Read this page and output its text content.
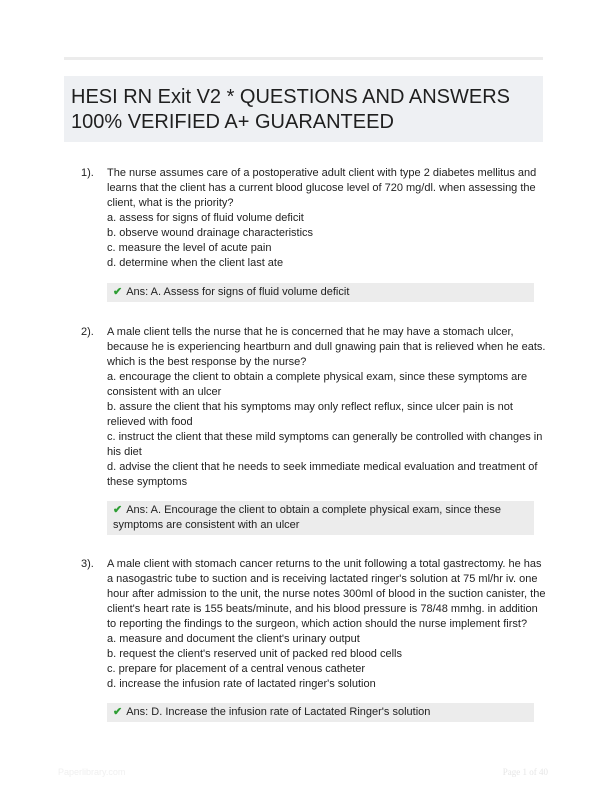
HESI RN Exit V2 * QUESTIONS AND ANSWERS
100% VERIFIED A+ GUARANTEED
1). The nurse assumes care of a postoperative adult client with type 2 diabetes mellitus and
learns that the client has a current blood glucose level of 720 mg/dl. when assessing the
client, what is the priority?
a. assess for signs of fluid volume deficit
b. observe wound drainage characteristics
c. measure the level of acute pain
d. determine when the client last ate
✔ Ans: A. Assess for signs of fluid volume deficit
2). A male client tells the nurse that he is concerned that he may have a stomach ulcer,
because he is experiencing heartburn and dull gnawing pain that is relieved when he eats.
which is the best response by the nurse?
a. encourage the client to obtain a complete physical exam, since these symptoms are
consistent with an ulcer
b. assure the client that his symptoms may only reflect reflux, since ulcer pain is not
relieved with food
c. instruct the client that these mild symptoms can generally be controlled with changes in
his diet
d. advise the client that he needs to seek immediate medical evaluation and treatment of
these symptoms
✔ Ans: A. Encourage the client to obtain a complete physical exam, since these
symptoms are consistent with an ulcer
3). A male client with stomach cancer returns to the unit following a total gastrectomy. he has
a nasogastric tube to suction and is receiving lactated ringer's solution at 75 ml/hr iv. one
hour after admission to the unit, the nurse notes 300ml of blood in the suction canister, the
client's heart rate is 155 beats/minute, and his blood pressure is 78/48 mmhg. in addition
to reporting the findings to the surgeon, which action should the nurse implement first?
a. measure and document the client's urinary output
b. request the client's reserved unit of packed red blood cells
c. prepare for placement of a central venous catheter
d. increase the infusion rate of lactated ringer's solution
✔ Ans: D. Increase the infusion rate of Lactated Ringer's solution
Paperlibrary.com	Page 1 of 40
